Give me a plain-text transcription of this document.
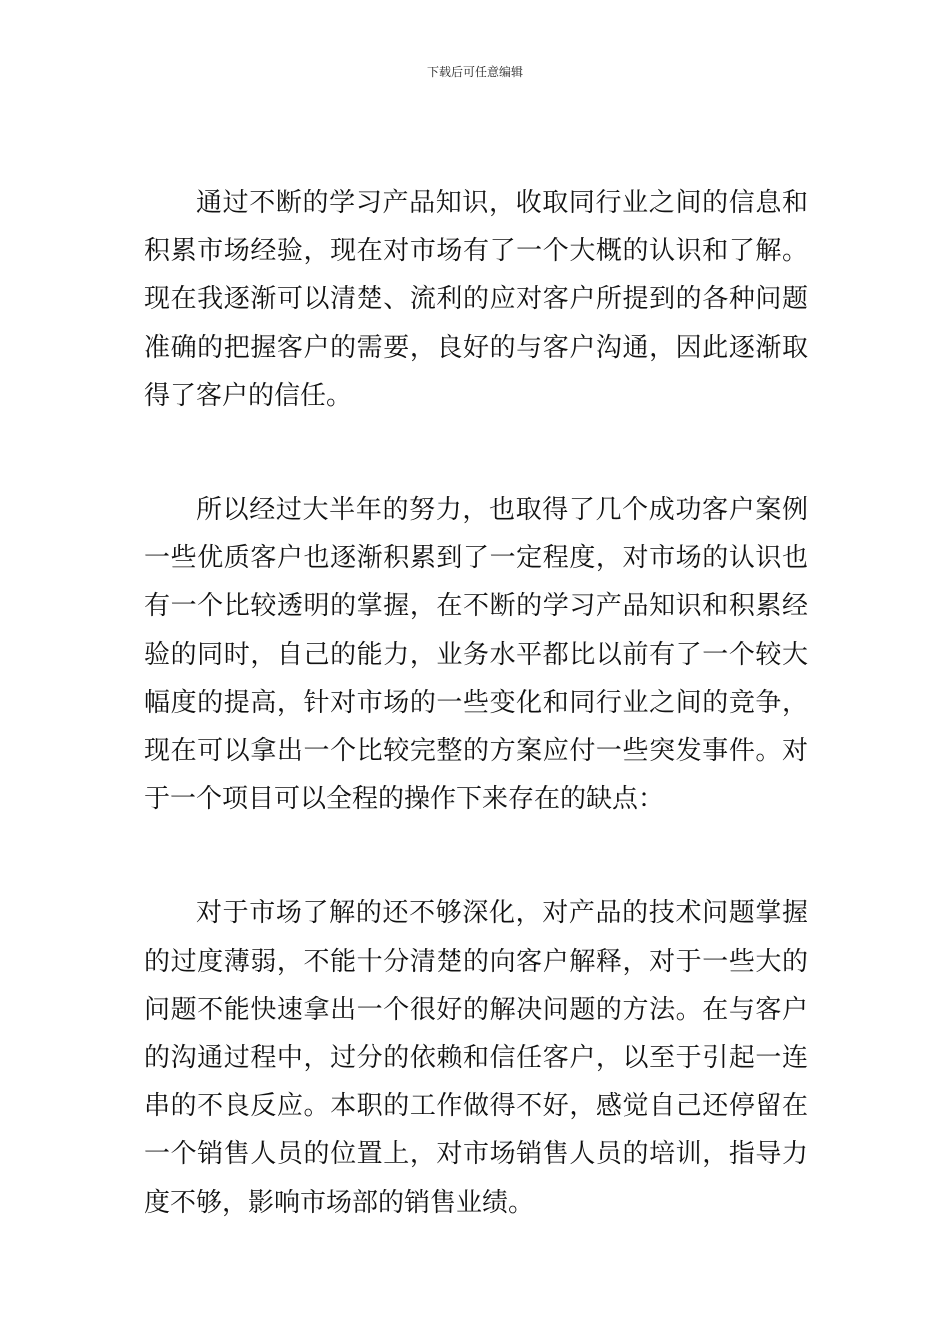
下载后可任意编辑

通过不断的学习产品知识，收取同行业之间的信息和积累市场经验，现在对市场有了一个大概的认识和了解。现在我逐渐可以清楚、流利的应对客户所提到的各种问题准确的把握客户的需要，良好的与客户沟通，因此逐渐取得了客户的信任。

所以经过大半年的努力，也取得了几个成功客户案例一些优质客户也逐渐积累到了一定程度，对市场的认识也有一个比较透明的掌握，在不断的学习产品知识和积累经验的同时，自己的能力，业务水平都比以前有了一个较大幅度的提高，针对市场的一些变化和同行业之间的竞争，现在可以拿出一个比较完整的方案应付一些突发事件。对于一个项目可以全程的操作下来存在的缺点：

对于市场了解的还不够深化，对产品的技术问题掌握的过度薄弱，不能十分清楚的向客户解释，对于一些大的问题不能快速拿出一个很好的解决问题的方法。在与客户的沟通过程中，过分的依赖和信任客户，以至于引起一连串的不良反应。本职的工作做得不好，感觉自己还停留在一个销售人员的位置上，对市场销售人员的培训，指导力度不够，影响市场部的销售业绩。
